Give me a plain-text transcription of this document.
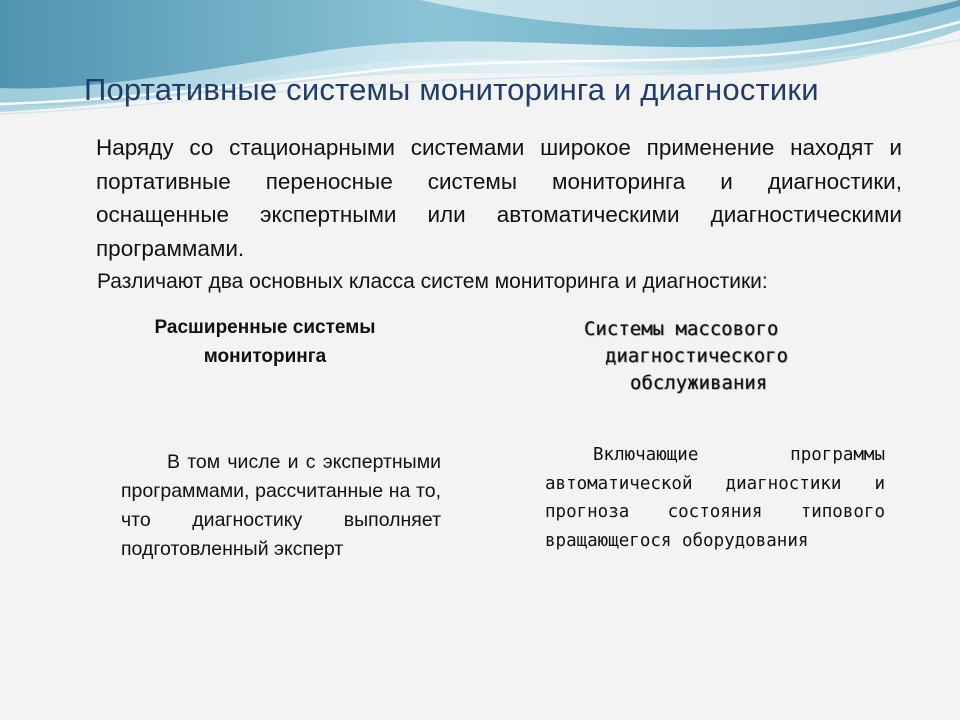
Портативные системы мониторинга и диагностики

Наряду со стационарными системами широкое применение находят и портативные переносные системы мониторинга и диагностики, оснащенные экспертными или автоматическими диагностическими программами.

Различают два основных класса систем мониторинга и диагностики:

Расширенные системы мониторинга

Системы массового
диагностического
обслуживания

В том числе и с экспертными программами, рассчитанные на то, что диагностику выполняет подготовленный эксперт

Включающие программы автоматической диагностики и прогноза состояния типового вращающегося оборудования
